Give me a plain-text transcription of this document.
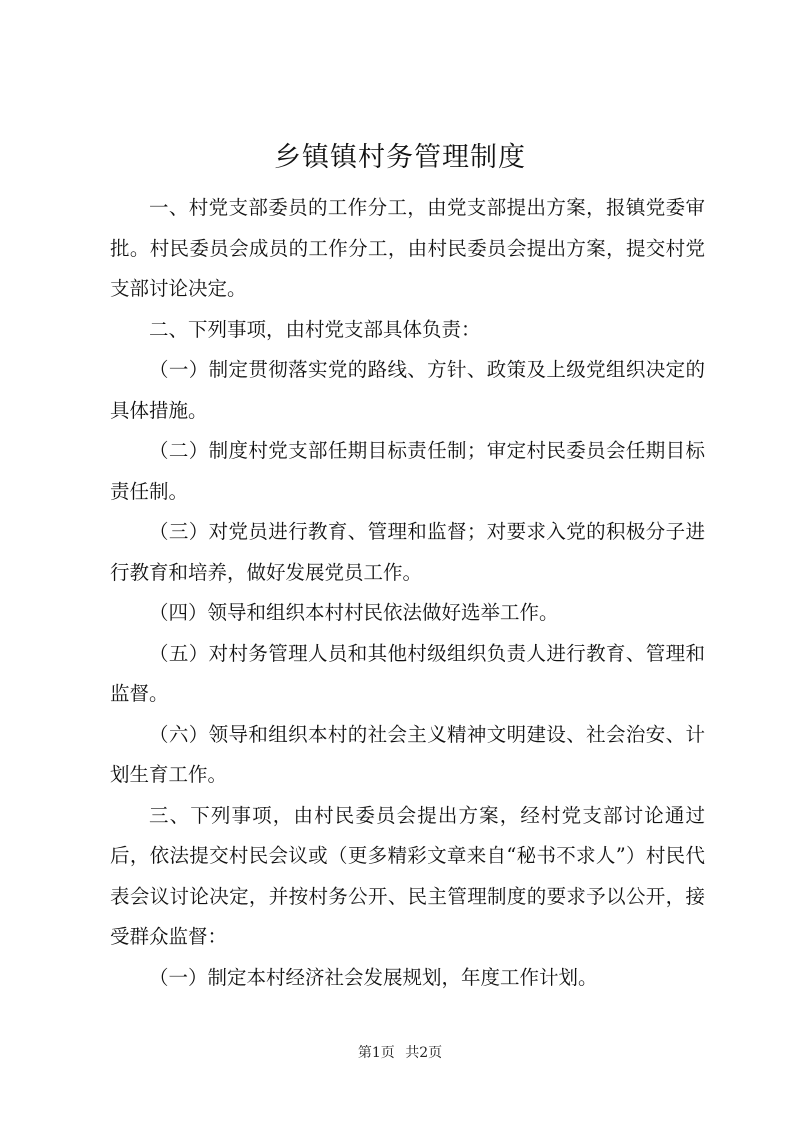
乡镇镇村务管理制度

一、村党支部委员的工作分工，由党支部提出方案，报镇党委审批。村民委员会成员的工作分工，由村民委员会提出方案，提交村党支部讨论决定。

二、下列事项，由村党支部具体负责：

（一）制定贯彻落实党的路线、方针、政策及上级党组织决定的具体措施。

（二）制度村党支部任期目标责任制；审定村民委员会任期目标责任制。

（三）对党员进行教育、管理和监督；对要求入党的积极分子进行教育和培养，做好发展党员工作。

（四）领导和组织本村村民依法做好选举工作。

（五）对村务管理人员和其他村级组织负责人进行教育、管理和监督。

（六）领导和组织本村的社会主义精神文明建设、社会治安、计划生育工作。

三、下列事项，由村民委员会提出方案，经村党支部讨论通过后，依法提交村民会议或（更多精彩文章来自“秘书不求人”）村民代表会议讨论决定，并按村务公开、民主管理制度的要求予以公开，接受群众监督：

（一）制定本村经济社会发展规划，年度工作计划。

第1页 共2页
